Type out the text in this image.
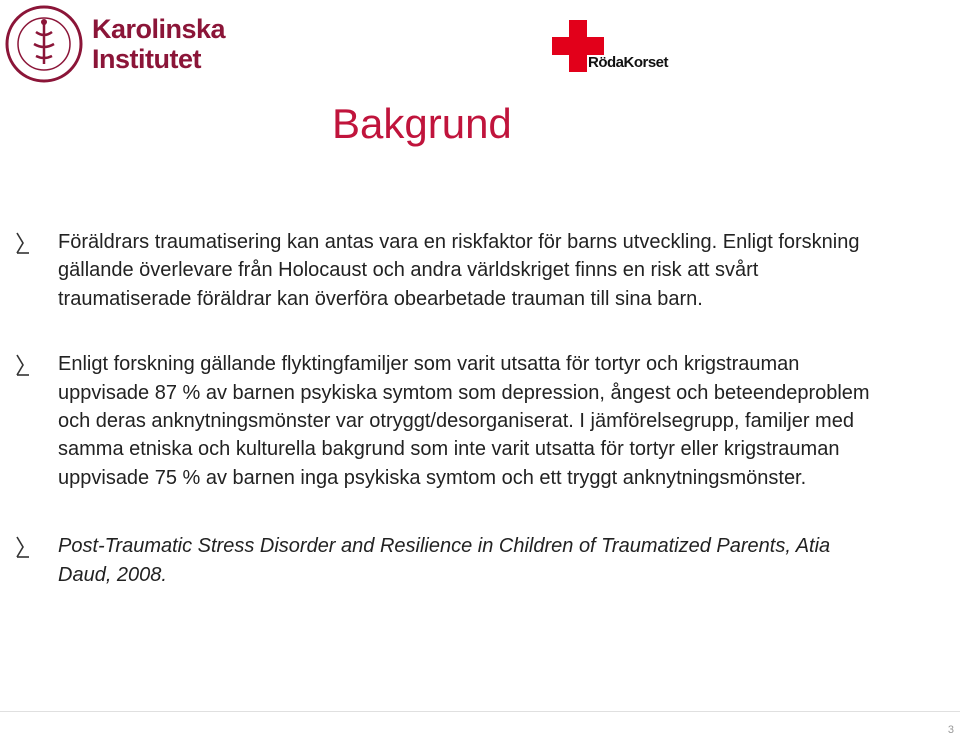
Karolinska
Institutet	RödaKorset
Bakgrund
Föräldrars traumatisering kan antas vara en riskfaktor för barns utveckling. Enligt forskning gällande överlevare från Holocaust och andra världskriget finns en risk att svårt traumatiserade föräldrar kan överföra obearbetade trauman till sina barn.
Enligt forskning gällande flyktingfamiljer som varit utsatta för tortyr och krigstrauman uppvisade 87 % av barnen psykiska symtom som depression, ångest och beteendeproblem och deras anknytningsmönster var otryggt/desorganiserat. I jämförelsegrupp, familjer med samma etniska och kulturella bakgrund som inte varit utsatta för tortyr eller krigstrauman uppvisade 75 % av barnen inga psykiska symtom och ett tryggt anknytningsmönster.
Post-Traumatic Stress Disorder and Resilience in Children of Traumatized Parents, Atia Daud, 2008.
3
